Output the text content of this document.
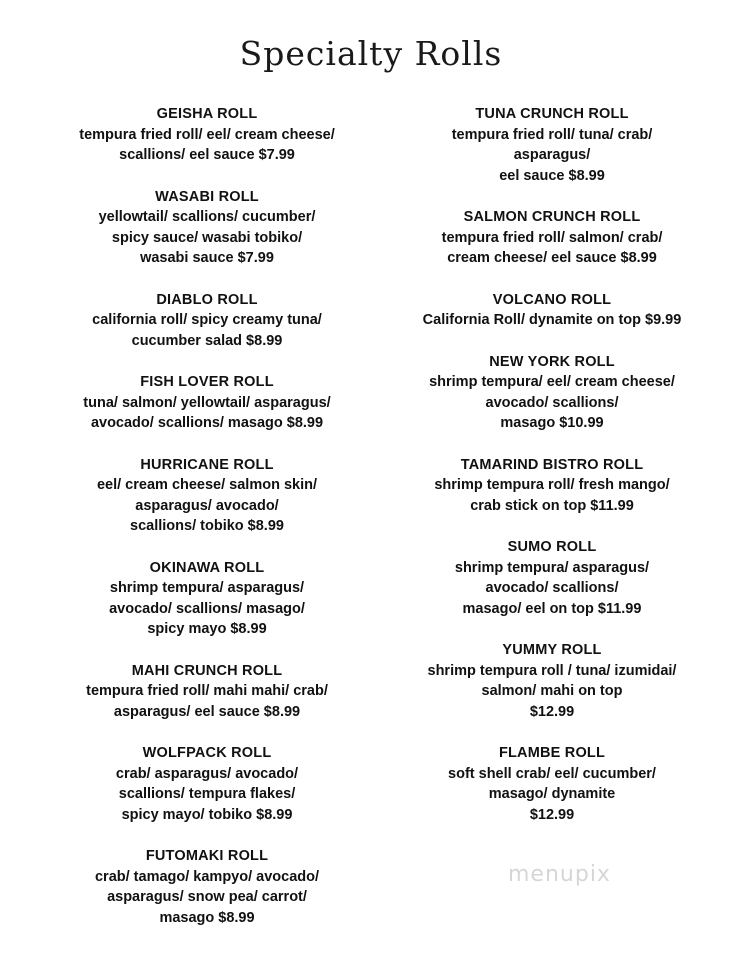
Specialty Rolls

GEISHA ROLL

tempura fried roll/ eel/ cream cheese/

scallions/ eel sauce $7.99

WASABI ROLL

yellowtail/ scallions/ cucumber/

spicy sauce/ wasabi tobiko/

wasabi sauce $7.99

DIABLO ROLL

california roll/ spicy creamy tuna/

cucumber salad $8.99

FISH LOVER ROLL

tuna/ salmon/ yellowtail/ asparagus/

avocado/ scallions/ masago $8.99

HURRICANE ROLL

eel/ cream cheese/ salmon skin/

asparagus/ avocado/

scallions/ tobiko $8.99

OKINAWA ROLL

shrimp tempura/ asparagus/

avocado/ scallions/ masago/

spicy mayo $8.99

MAHI CRUNCH ROLL

tempura fried roll/ mahi mahi/ crab/

asparagus/ eel sauce $8.99

WOLFPACK ROLL

crab/ asparagus/ avocado/

scallions/ tempura flakes/

spicy mayo/ tobiko $8.99

FUTOMAKI ROLL

crab/ tamago/ kampyo/ avocado/

asparagus/ snow pea/ carrot/

masago $8.99

TUNA CRUNCH ROLL

tempura fried roll/ tuna/ crab/

asparagus/

eel sauce $8.99

SALMON CRUNCH ROLL

tempura fried roll/ salmon/ crab/

cream cheese/ eel sauce $8.99

VOLCANO ROLL

California Roll/ dynamite on top $9.99

NEW YORK ROLL

shrimp tempura/ eel/ cream cheese/

avocado/ scallions/

masago $10.99

TAMARIND BISTRO ROLL

shrimp tempura roll/ fresh mango/

crab stick on top $11.99

SUMO ROLL

shrimp tempura/ asparagus/

avocado/ scallions/

masago/ eel on top $11.99

YUMMY ROLL

shrimp tempura roll / tuna/ izumidai/

salmon/ mahi on top

$12.99

FLAMBE ROLL

soft shell crab/ eel/ cucumber/

masago/ dynamite

$12.99

menupix
